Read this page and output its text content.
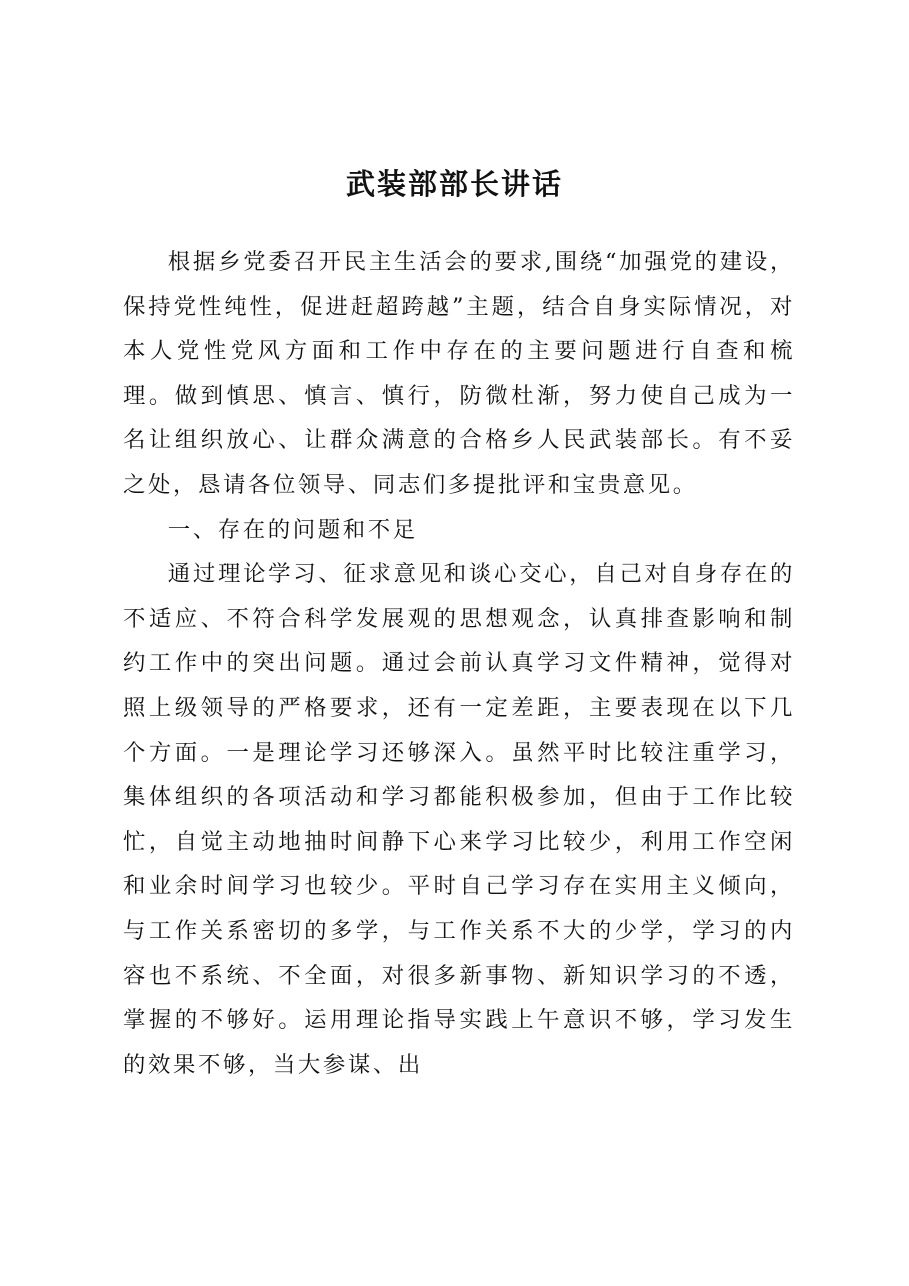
武装部部长讲话

根据乡党委召开民主生活会的要求,围绕“加强党的建设，保持党性纯性，促进赶超跨越”主题，结合自身实际情况，对本人党性党风方面和工作中存在的主要问题进行自查和梳理。做到慎思、慎言、慎行，防微杜渐，努力使自己成为一名让组织放心、让群众满意的合格乡人民武装部长。有不妥之处，恳请各位领导、同志们多提批评和宝贵意见。

一、存在的问题和不足

通过理论学习、征求意见和谈心交心，自己对自身存在的不适应、不符合科学发展观的思想观念，认真排查影响和制约工作中的突出问题。通过会前认真学习文件精神，觉得对照上级领导的严格要求，还有一定差距，主要表现在以下几个方面。一是理论学习还够深入。虽然平时比较注重学习，集体组织的各项活动和学习都能积极参加，但由于工作比较忙，自觉主动地抽时间静下心来学习比较少，利用工作空闲和业余时间学习也较少。平时自己学习存在实用主义倾向，与工作关系密切的多学，与工作关系不大的少学，学习的内容也不系统、不全面，对很多新事物、新知识学习的不透，掌握的不够好。运用理论指导实践上午意识不够，学习发生的效果不够，当大参谋、出
